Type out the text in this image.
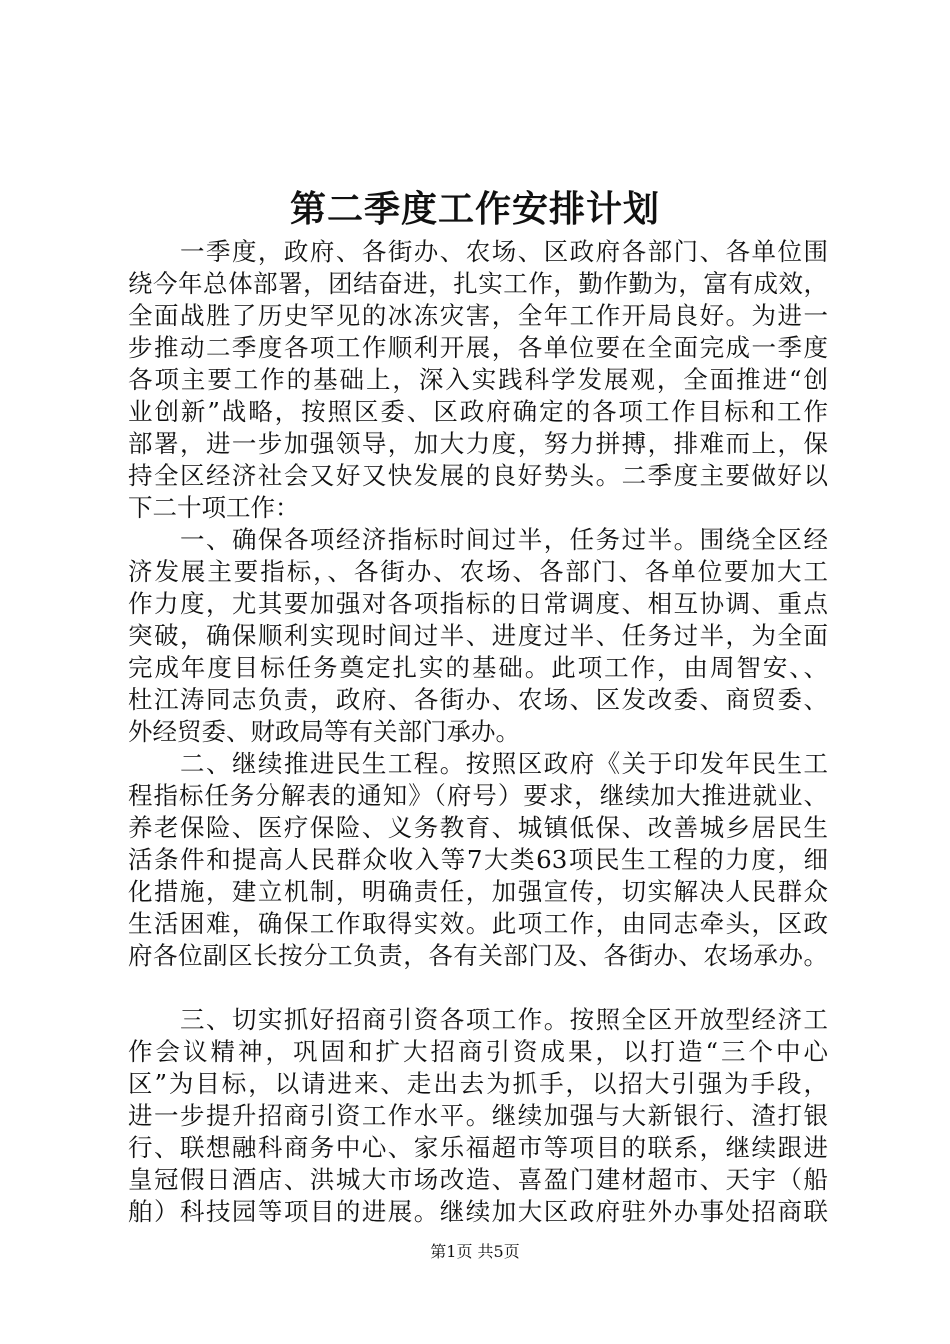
第二季度工作安排计划
一季度，政府、各街办、农场、区政府各部门、各单位围
绕今年总体部署，团结奋进，扎实工作，勤作勤为，富有成效，
全面战胜了历史罕见的冰冻灾害，全年工作开局良好。为进一
步推动二季度各项工作顺利开展，各单位要在全面完成一季度
各项主要工作的基础上，深入实践科学发展观，全面推进“创
业创新”战略，按照区委、区政府确定的各项工作目标和工作
部署，进一步加强领导，加大力度，努力拼搏，排难而上，保
持全区经济社会又好又快发展的良好势头。二季度主要做好以
下二十项工作：
一、确保各项经济指标时间过半，任务过半。围绕全区经
济发展主要指标，、各街办、农场、各部门、各单位要加大工
作力度，尤其要加强对各项指标的日常调度、相互协调、重点
突破，确保顺利实现时间过半、进度过半、任务过半，为全面
完成年度目标任务奠定扎实的基础。此项工作，由周智安、、
杜江涛同志负责，政府、各街办、农场、区发改委、商贸委、
外经贸委、财政局等有关部门承办。
二、继续推进民生工程。按照区政府《关于印发年民生工
程指标任务分解表的通知》（府号）要求，继续加大推进就业、
养老保险、医疗保险、义务教育、城镇低保、改善城乡居民生
活条件和提高人民群众收入等7大类63项民生工程的力度，细
化措施，建立机制，明确责任，加强宣传，切实解决人民群众
生活困难，确保工作取得实效。此项工作，由同志牵头，区政
府各位副区长按分工负责，各有关部门及、各街办、农场承办。
三、切实抓好招商引资各项工作。按照全区开放型经济工
作会议精神，巩固和扩大招商引资成果，以打造“三个中心
区”为目标，以请进来、走出去为抓手，以招大引强为手段，
进一步提升招商引资工作水平。继续加强与大新银行、渣打银
行、联想融科商务中心、家乐福超市等项目的联系，继续跟进
皇冠假日酒店、洪城大市场改造、喜盈门建材超市、天宇（船
舶）科技园等项目的进展。继续加大区政府驻外办事处招商联
第1页 共5页
